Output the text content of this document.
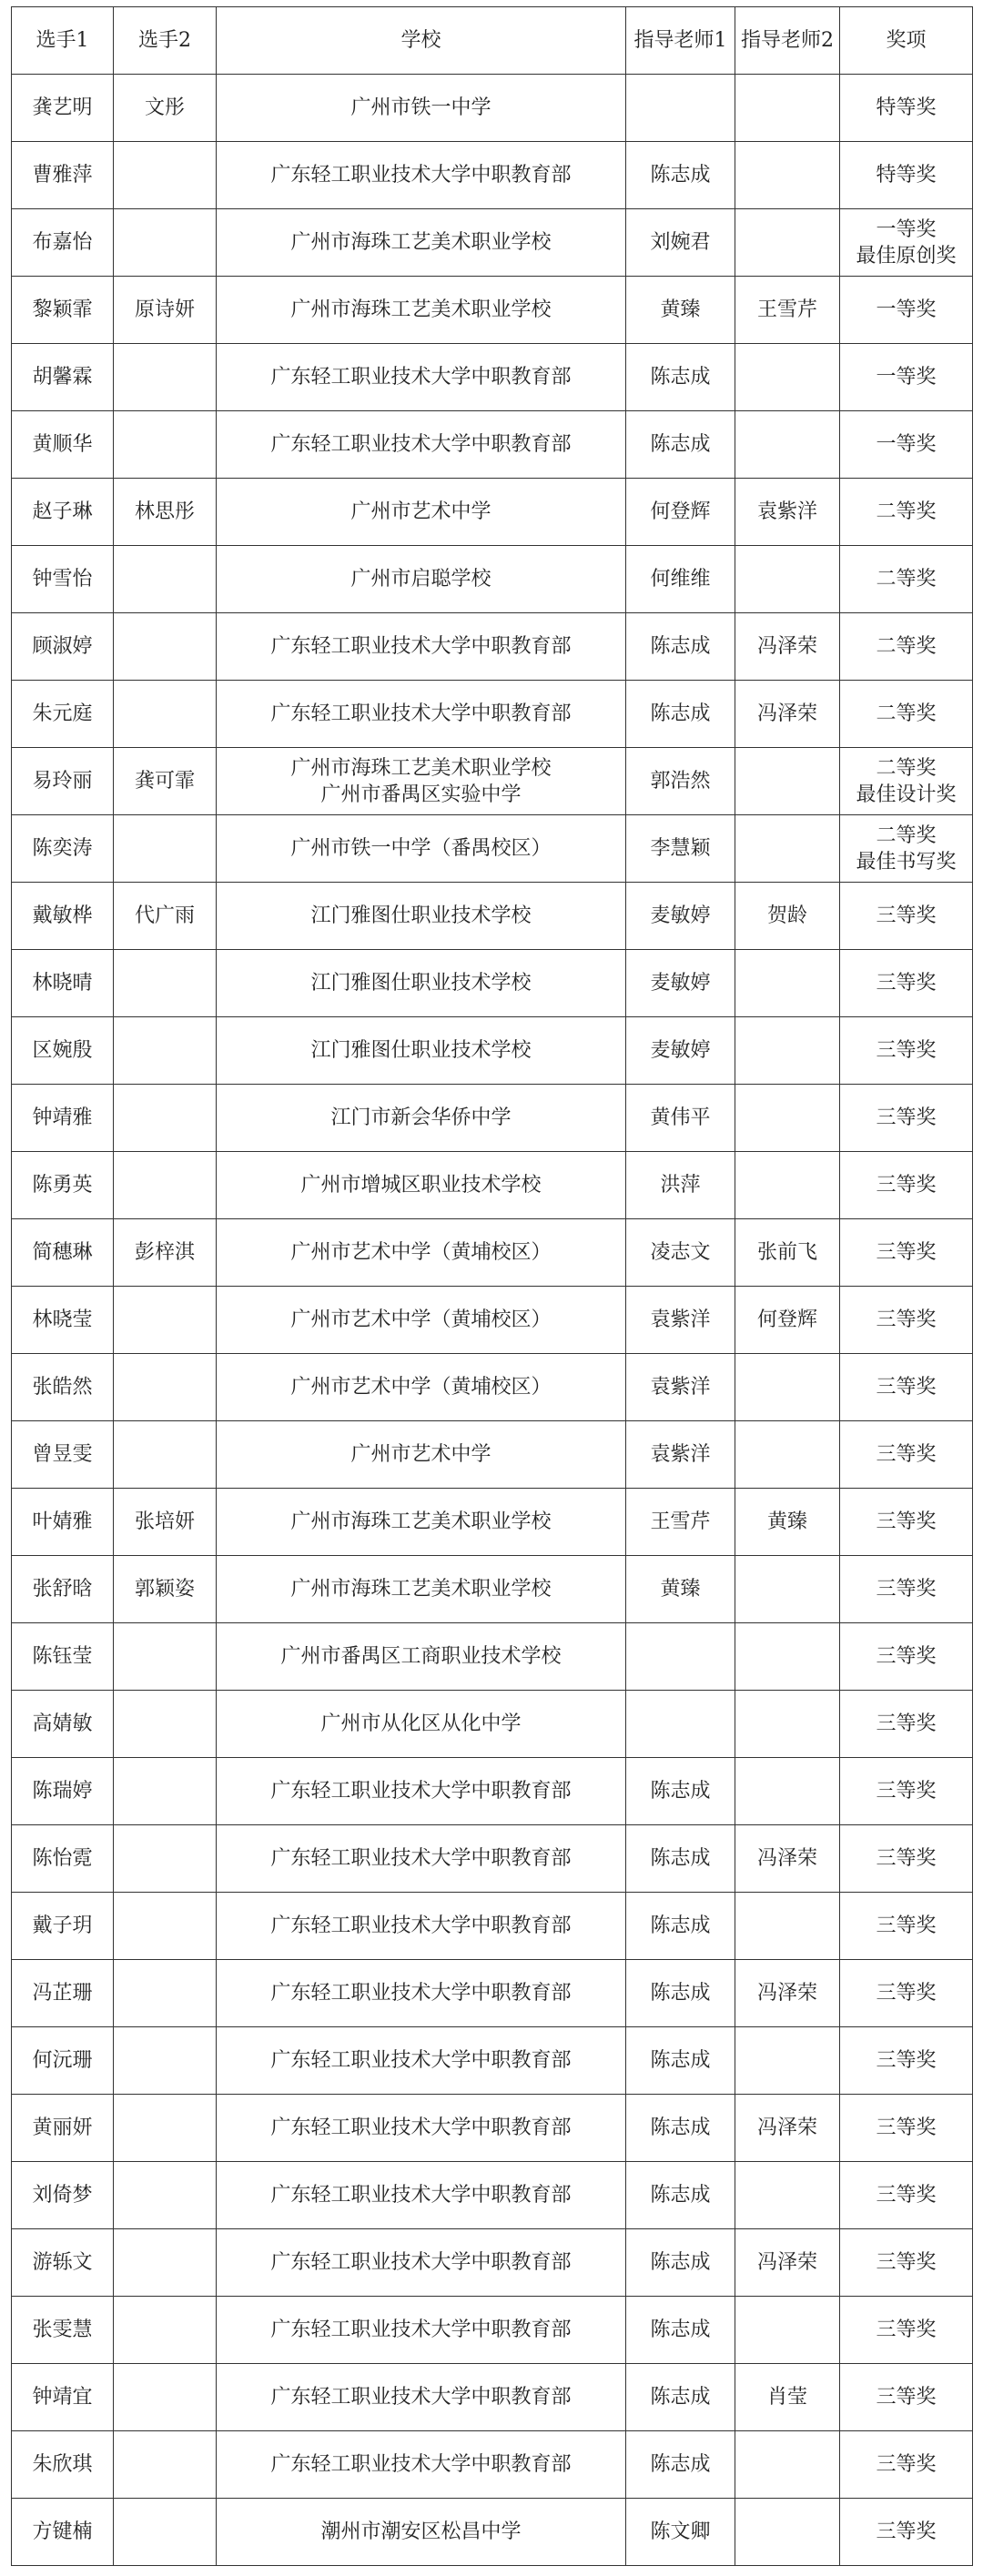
选手1	选手2	学校	指导老师1	指导老师2	奖项
龚艺明	文彤	广州市铁一中学			特等奖

曹雅萍		广东轻工职业技术大学中职教育部	陈志成		特等奖

布嘉怡		广州市海珠工艺美术职业学校	刘婉君		一等奖
最佳原创奖

黎颖霏	原诗妍	广州市海珠工艺美术职业学校	黄臻	王雪芹	一等奖

胡馨霖		广东轻工职业技术大学中职教育部	陈志成		一等奖

黄顺华		广东轻工职业技术大学中职教育部	陈志成		一等奖

赵子琳	林思彤	广州市艺术中学	何登辉	袁紫洋	二等奖

钟雪怡		广州市启聪学校	何维维		二等奖

顾淑婷		广东轻工职业技术大学中职教育部	陈志成	冯泽荣	二等奖

朱元庭		广东轻工职业技术大学中职教育部	陈志成	冯泽荣	二等奖

易玲丽	龚可霏	广州市海珠工艺美术职业学校
广州市番禺区实验中学	郭浩然		二等奖
最佳设计奖

陈奕涛		广州市铁一中学（番禺校区）	李慧颖		二等奖
最佳书写奖

戴敏桦	代广雨	江门雅图仕职业技术学校	麦敏婷	贺龄	三等奖

林晓晴		江门雅图仕职业技术学校	麦敏婷		三等奖

区婉殷		江门雅图仕职业技术学校	麦敏婷		三等奖

钟靖雅		江门市新会华侨中学	黄伟平		三等奖

陈勇英		广州市增城区职业技术学校	洪萍		三等奖

简穗琳	彭梓淇	广州市艺术中学（黄埔校区）	凌志文	张前飞	三等奖

林晓莹		广州市艺术中学（黄埔校区）	袁紫洋	何登辉	三等奖

张皓然		广州市艺术中学（黄埔校区）	袁紫洋		三等奖

曾昱雯		广州市艺术中学	袁紫洋		三等奖

叶婧雅	张培妍	广州市海珠工艺美术职业学校	王雪芹	黄臻	三等奖

张舒晗	郭颖姿	广州市海珠工艺美术职业学校	黄臻		三等奖

陈钰莹		广州市番禺区工商职业技术学校			三等奖

高婧敏		广州市从化区从化中学			三等奖

陈瑞婷		广东轻工职业技术大学中职教育部	陈志成		三等奖

陈怡霓		广东轻工职业技术大学中职教育部	陈志成	冯泽荣	三等奖

戴子玥		广东轻工职业技术大学中职教育部	陈志成		三等奖

冯芷珊		广东轻工职业技术大学中职教育部	陈志成	冯泽荣	三等奖

何沅珊		广东轻工职业技术大学中职教育部	陈志成		三等奖

黄丽妍		广东轻工职业技术大学中职教育部	陈志成	冯泽荣	三等奖

刘倚梦		广东轻工职业技术大学中职教育部	陈志成		三等奖

游轹文		广东轻工职业技术大学中职教育部	陈志成	冯泽荣	三等奖

张雯慧		广东轻工职业技术大学中职教育部	陈志成		三等奖

钟靖宜		广东轻工职业技术大学中职教育部	陈志成	肖莹	三等奖

朱欣琪		广东轻工职业技术大学中职教育部	陈志成		三等奖

方键楠		潮州市潮安区松昌中学	陈文卿		三等奖
